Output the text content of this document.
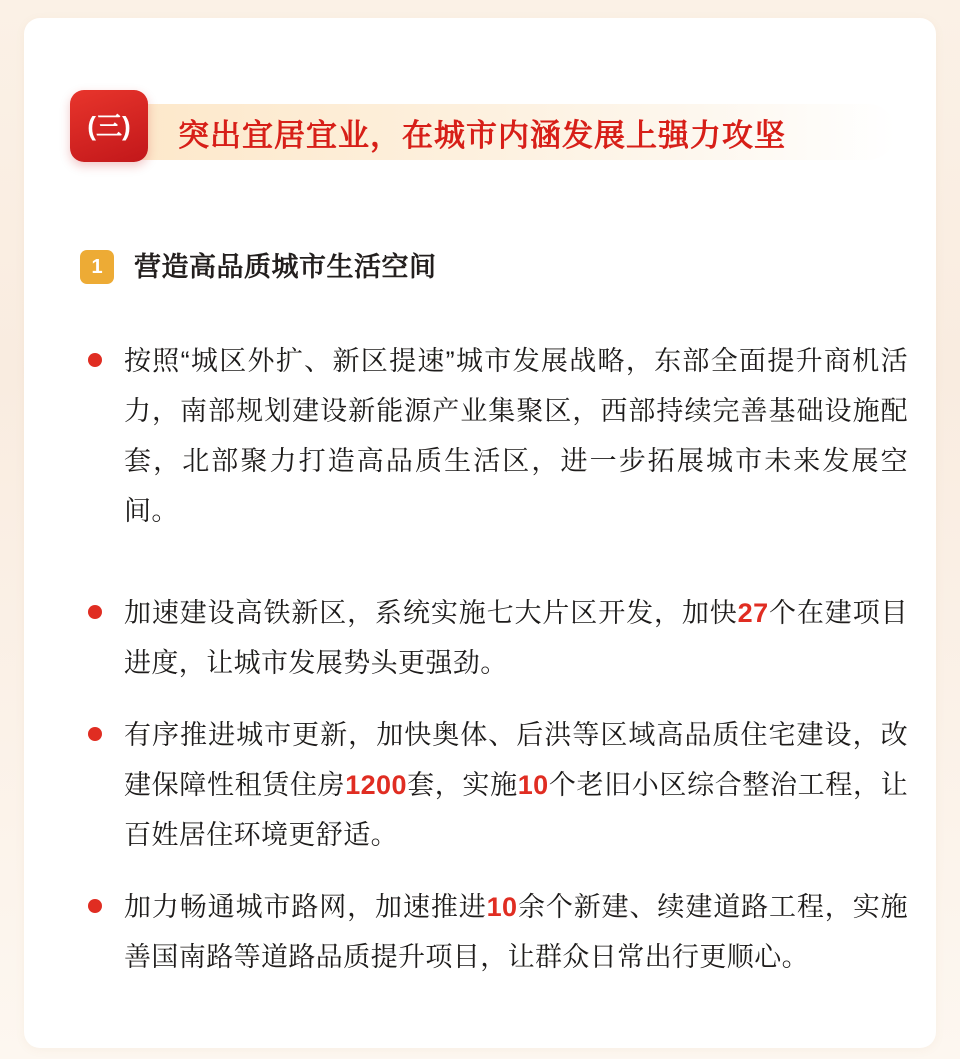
(三) 突出宜居宜业，在城市内涵发展上强力攻坚
1	营造高品质城市生活空间
按照“城区外扩、新区提速”城市发展战略，东部全面提升商机活力，南部规划建设新能源产业集聚区，西部持续完善基础设施配套，北部聚力打造高品质生活区，进一步拓展城市未来发展空间。
加速建设高铁新区，系统实施七大片区开发，加快27个在建项目进度，让城市发展势头更强劲。
有序推进城市更新，加快奥体、后洪等区域高品质住宅建设，改建保障性租赁住房1200套，实施10个老旧小区综合整治工程，让百姓居住环境更舒适。
加力畅通城市路网，加速推进10余个新建、续建道路工程，实施善国南路等道路品质提升项目，让群众日常出行更顺心。
